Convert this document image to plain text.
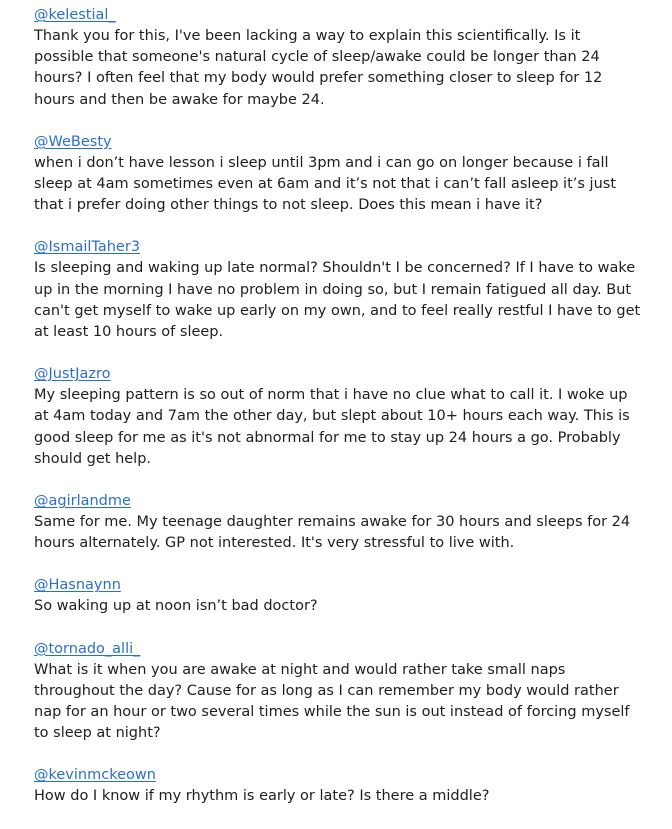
@kelestial_

Thank you for this, I've been lacking a way to explain this scientifically. Is it possible that someone's natural cycle of sleep/awake could be longer than 24 hours? I often feel that my body would prefer something closer to sleep for 12 hours and then be awake for maybe 24.

@WeBesty

when i don’t have lesson i sleep until 3pm and i can go on longer because i fall sleep at 4am sometimes even at 6am and it’s not that i can’t fall asleep it’s just that i prefer doing other things to not sleep. Does this mean i have it?

@IsmailTaher3

Is sleeping and waking up late normal? Shouldn't I be concerned? If I have to wake up in the morning I have no problem in doing so, but I remain fatigued all day. But can't get myself to wake up early on my own, and to feel really restful I have to get at least 10 hours of sleep.

@JustJazro

My sleeping pattern is so out of norm that i have no clue what to call it. I woke up at 4am today and 7am the other day, but slept about 10+ hours each way. This is good sleep for me as it's not abnormal for me to stay up 24 hours a go. Probably should get help.

@agirlandme

Same for me. My teenage daughter remains awake for 30 hours and sleeps for 24 hours alternately. GP not interested. It's very stressful to live with.

@Hasnaynn

So waking up at noon isn’t bad doctor?

@tornado_alli_

What is it when you are awake at night and would rather take small naps throughout the day? Cause for as long as I can remember my body would rather nap for an hour or two several times while the sun is out instead of forcing myself to sleep at night?

@kevinmckeown

How do I know if my rhythm is early or late? Is there a middle?
